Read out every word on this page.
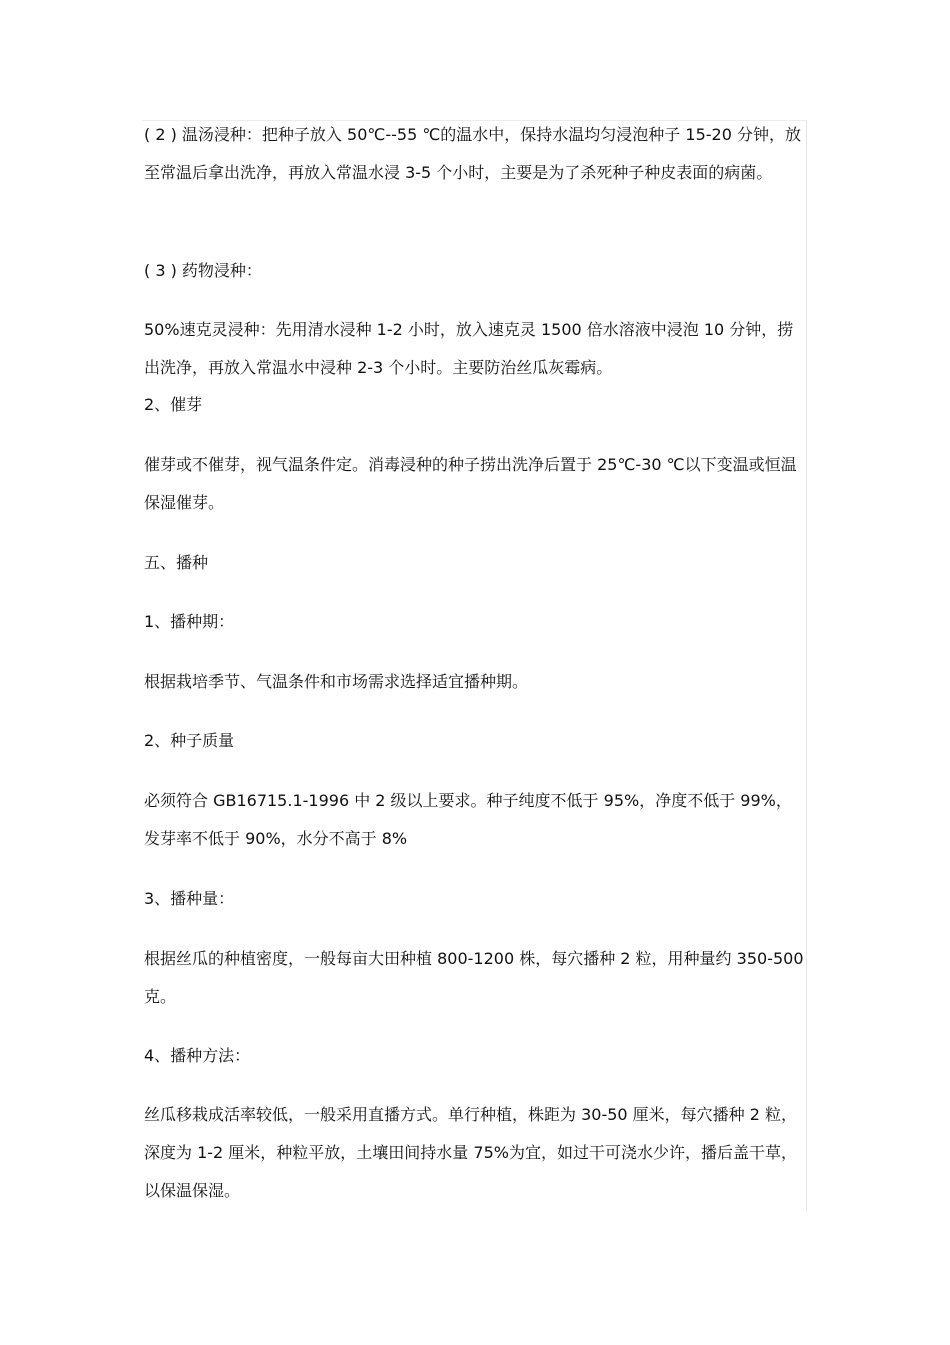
( 2 ) 温汤浸种：把种子放入 50℃--55 ℃的温水中，保持水温均匀浸泡种子 15-20 分钟，放至常温后拿出洗净，再放入常温水浸 3-5 个小时，主要是为了杀死种子种皮表面的病菌。

( 3 ) 药物浸种：

50%速克灵浸种：先用清水浸种 1-2 小时，放入速克灵 1500 倍水溶液中浸泡 10 分钟，捞出洗净，再放入常温水中浸种 2-3 个小时。主要防治丝瓜灰霉病。

2、催芽

催芽或不催芽，视气温条件定。消毒浸种的种子捞出洗净后置于 25℃-30 ℃以下变温或恒温保湿催芽。

五、播种

1、播种期：

根据栽培季节、气温条件和市场需求选择适宜播种期。

2、种子质量

必须符合 GB16715.1-1996 中 2 级以上要求。种子纯度不低于 95%，净度不低于 99%，发芽率不低于 90%，水分不高于 8%

3、播种量：

根据丝瓜的种植密度，一般每亩大田种植 800-1200 株，每穴播种 2 粒，用种量约 350-500 克。

4、播种方法：

丝瓜移栽成活率较低，一般采用直播方式。单行种植，株距为 30-50 厘米，每穴播种 2 粒，深度为 1-2 厘米，种粒平放，土壤田间持水量 75%为宜，如过干可浇水少许，播后盖干草，以保温保湿。
